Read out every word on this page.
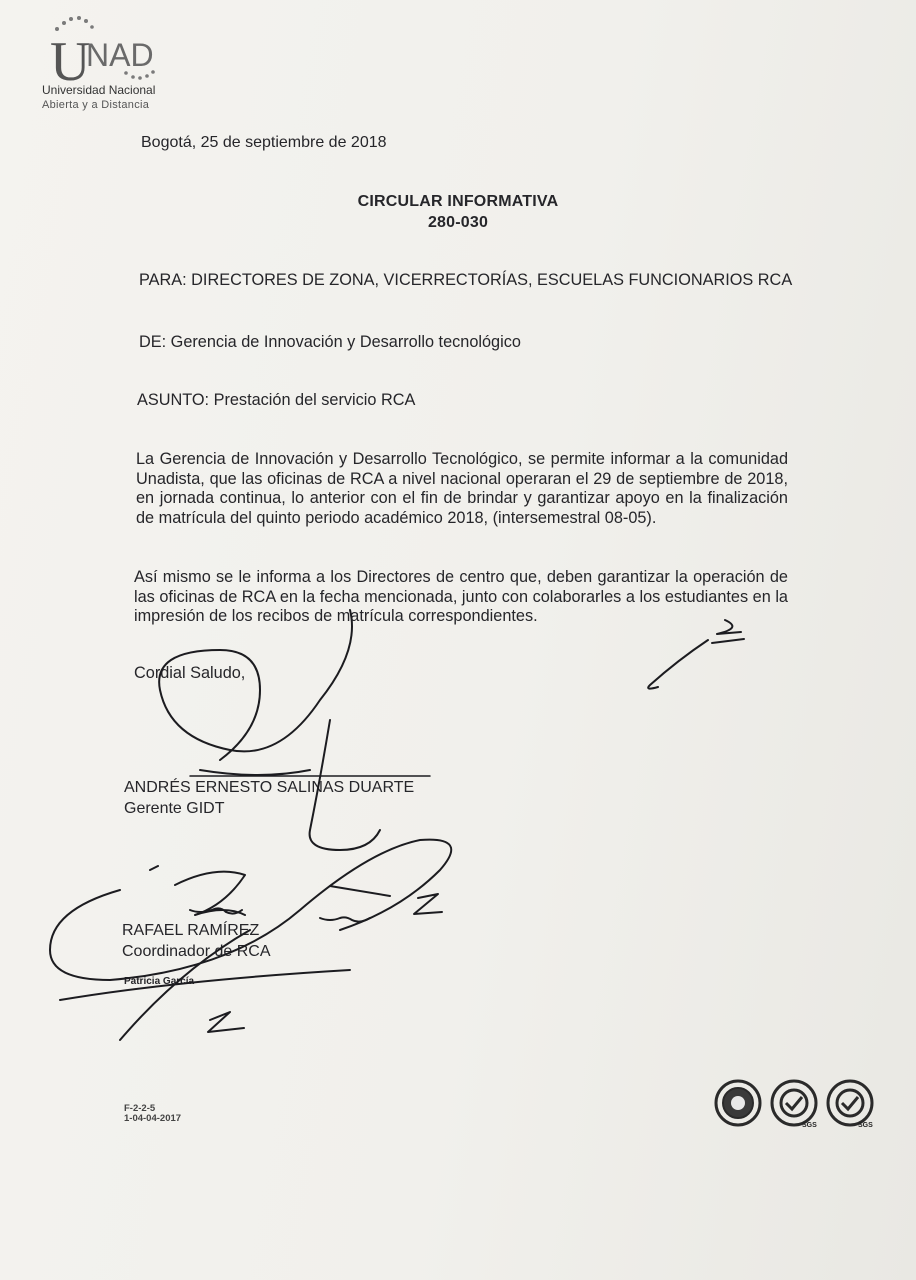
U
NAD
Universidad Nacional
Abierta y a Distancia
Bogotá, 25 de septiembre de 2018
CIRCULAR INFORMATIVA
280-030
PARA: DIRECTORES DE ZONA, VICERRECTORÍAS, ESCUELAS FUNCIONARIOS RCA
DE: Gerencia de Innovación y Desarrollo tecnológico
ASUNTO: Prestación del servicio RCA
La Gerencia de Innovación y Desarrollo Tecnológico, se permite informar a la comunidad Unadista, que las oficinas de RCA a nivel nacional operaran el 29 de septiembre de 2018, en jornada continua, lo anterior con el fin de brindar y garantizar apoyo en la finalización de matrícula del quinto periodo académico 2018, (intersemestral 08-05).
Así mismo se le informa a los Directores de centro que, deben garantizar la operación de las oficinas de RCA en la fecha mencionada, junto con colaborarles a los estudiantes en la impresión de los recibos de matrícula correspondientes.
Cordial Saludo,
ANDRÉS ERNESTO SALINAS DUARTE
Gerente GIDT
RAFAEL RAMÍREZ
Coordinador de RCA
Patricia García
F-2-2-5
1-04-04-2017
SGS	SGS
